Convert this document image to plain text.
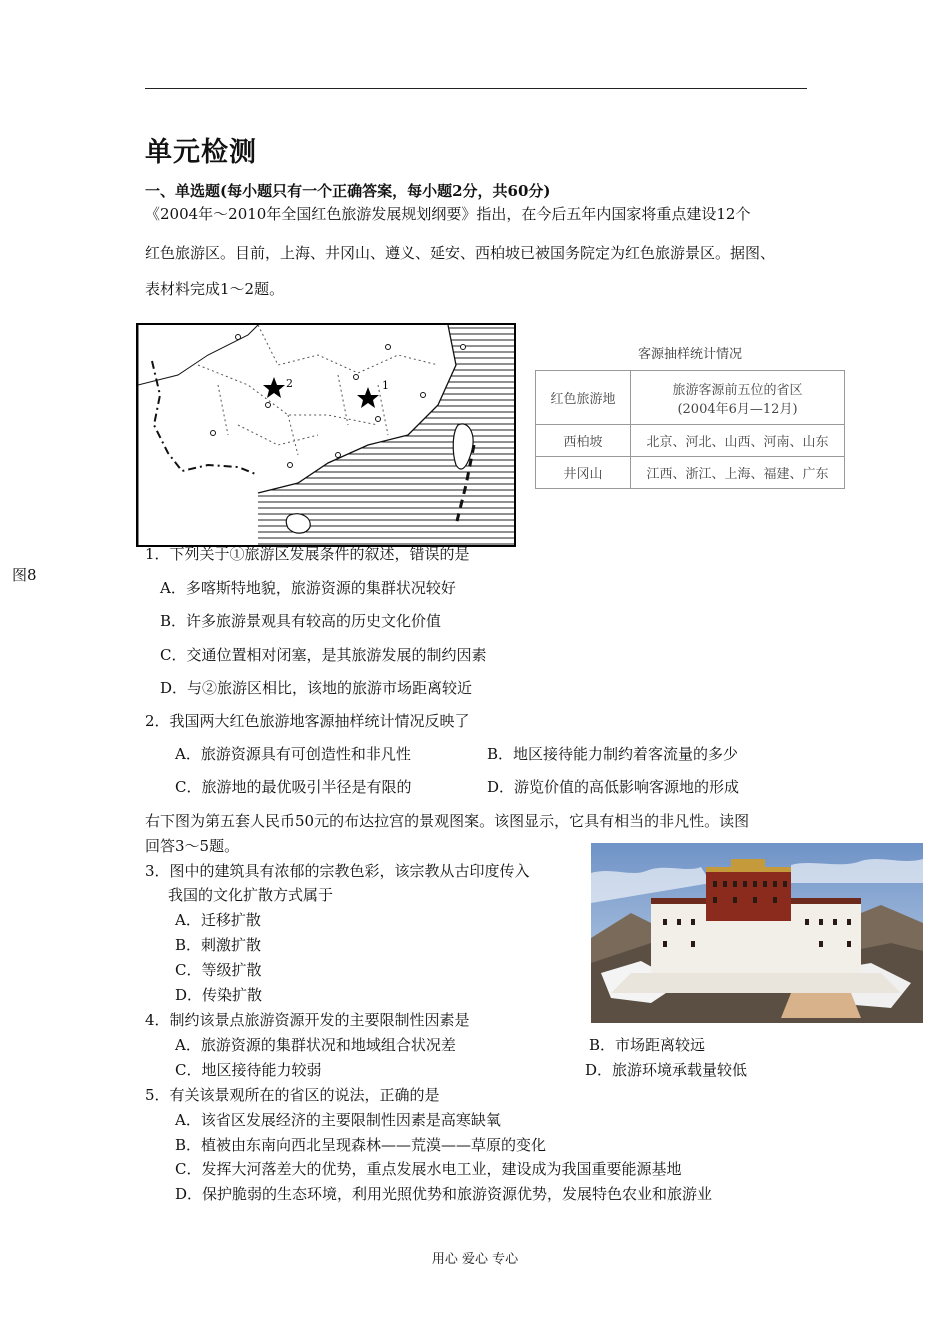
单元检测
一、单选题(每小题只有一个正确答案，每小题2分，共60分)
《2004年～2010年全国红色旅游发展规划纲要》指出，在今后五年内国家将重点建设12个
红色旅游区。目前，上海、井冈山、遵义、延安、西柏坡已被国务院定为红色旅游景区。据图、
表材料完成1～2题。
2	1
图8
客源抽样统计情况
红色旅游地	旅游客源前五位的省区
(2004年6月—12月)

西柏坡	北京、河北、山西、河南、山东
井冈山	江西、浙江、上海、福建、广东
1．下列关于①旅游区发展条件的叙述，错误的是
A．多喀斯特地貌，旅游资源的集群状况较好
B．许多旅游景观具有较高的历史文化价值
C．交通位置相对闭塞，是其旅游发展的制约因素
D．与②旅游区相比，该地的旅游市场距离较近
2．我国两大红色旅游地客源抽样统计情况反映了
A．旅游资源具有可创造性和非凡性	B．地区接待能力制约着客流量的多少
C．旅游地的最优吸引半径是有限的	D．游览价值的高低影响客源地的形成
右下图为第五套人民币50元的布达拉宫的景观图案。该图显示，它具有相当的非凡性。读图
回答3～5题。
3．图中的建筑具有浓郁的宗教色彩，该宗教从古印度传入
我国的文化扩散方式属于
A．迁移扩散
B．刺激扩散
C．等级扩散
D．传染扩散
4．制约该景点旅游资源开发的主要限制性因素是
A．旅游资源的集群状况和地域组合状况差	B．市场距离较远
C．地区接待能力较弱	D．旅游环境承载量较低
5．有关该景观所在的省区的说法，正确的是
A．该省区发展经济的主要限制性因素是高寒缺氧
B．植被由东南向西北呈现森林——荒漠——草原的变化
C．发挥大河落差大的优势，重点发展水电工业，建设成为我国重要能源基地
D．保护脆弱的生态环境，利用光照优势和旅游资源优势，发展特色农业和旅游业
用心 爱心 专心
